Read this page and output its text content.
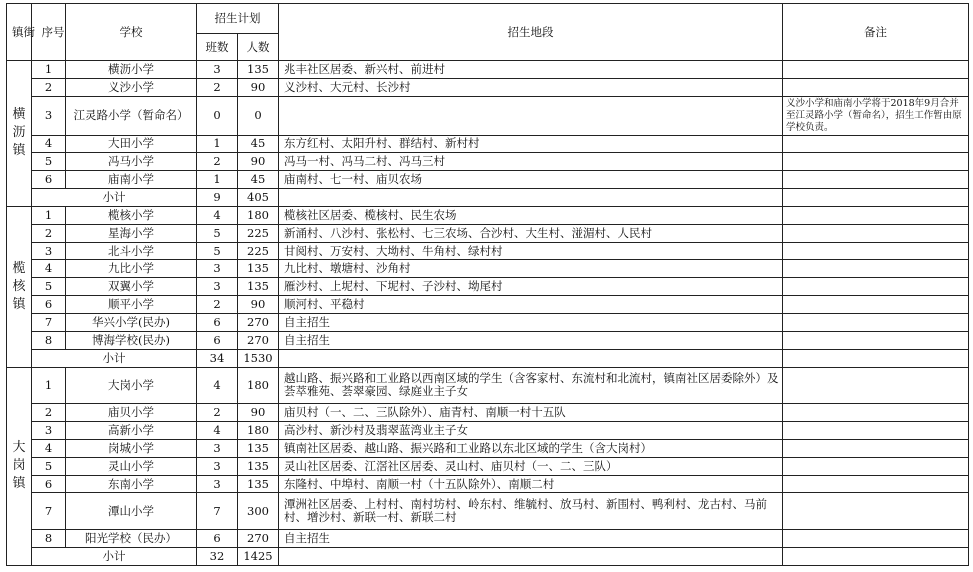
镇街	序号	学校	招生计划		招生地段	备注
			班数	人数		
横沥镇	1	横沥小学	3	135	兆丰社区居委、新兴村、前进村	
	2	义沙小学	2	90	义沙村、大元村、长沙村	
	3	江灵路小学（暂命名）	0	0		义沙小学和庙南小学将于2018年9月合并至江灵路小学（暂命名），招生工作暂由原学校负责。
	4	大田小学	1	45	东方红村、太阳升村、群结村、新村村	
	5	冯马小学	2	90	冯马一村、冯马二村、冯马三村	
	6	庙南小学	1	45	庙南村、七一村、庙贝农场	
	小计		9	405		
榄核镇	1	榄核小学	4	180	榄核社区居委、榄核村、民生农场	
	2	星海小学	5	225	新涌村、八沙村、张松村、七三农场、合沙村、大生村、湴湄村、人民村	
	3	北斗小学	5	225	甘阅村、万安村、大坳村、牛角村、绿村村	
	4	九比小学	3	135	九比村、墩塘村、沙角村	
	5	双翼小学	3	135	雁沙村、上坭村、下坭村、子沙村、坳尾村	
	6	顺平小学	2	90	顺河村、平稳村	
	7	华兴小学(民办)	6	270	自主招生	
	8	博海学校(民办)	6	270	自主招生	
	小计		34	1530		
大岗镇	1	大岗小学	4	180	越山路、振兴路和工业路以西南区域的学生（含客家村、东流村和北流村，镇南社区居委除外）及荟萃雅苑、荟翠豪园、绿庭业主子女	
	2	庙贝小学	2	90	庙贝村（一、二、三队除外）、庙青村、南顺一村十五队	
	3	高新小学	4	180	高沙村、新沙村及翡翠蓝湾业主子女	
	4	岗城小学	3	135	镇南社区居委、越山路、振兴路和工业路以东北区域的学生（含大岗村）	
	5	灵山小学	3	135	灵山社区居委、江滘社区居委、灵山村、庙贝村（一、二、三队）	
	6	东南小学	3	135	东隆村、中埠村、南顺一村（十五队除外）、南顺二村	
	7	潭山小学	7	300	潭洲社区居委、上村村、南村坊村、岭东村、维毓村、放马村、新围村、鸭利村、龙古村、马前村、增沙村、新联一村、新联二村	
	8	阳光学校（民办）	6	270	自主招生	
	小计		32	1425		
